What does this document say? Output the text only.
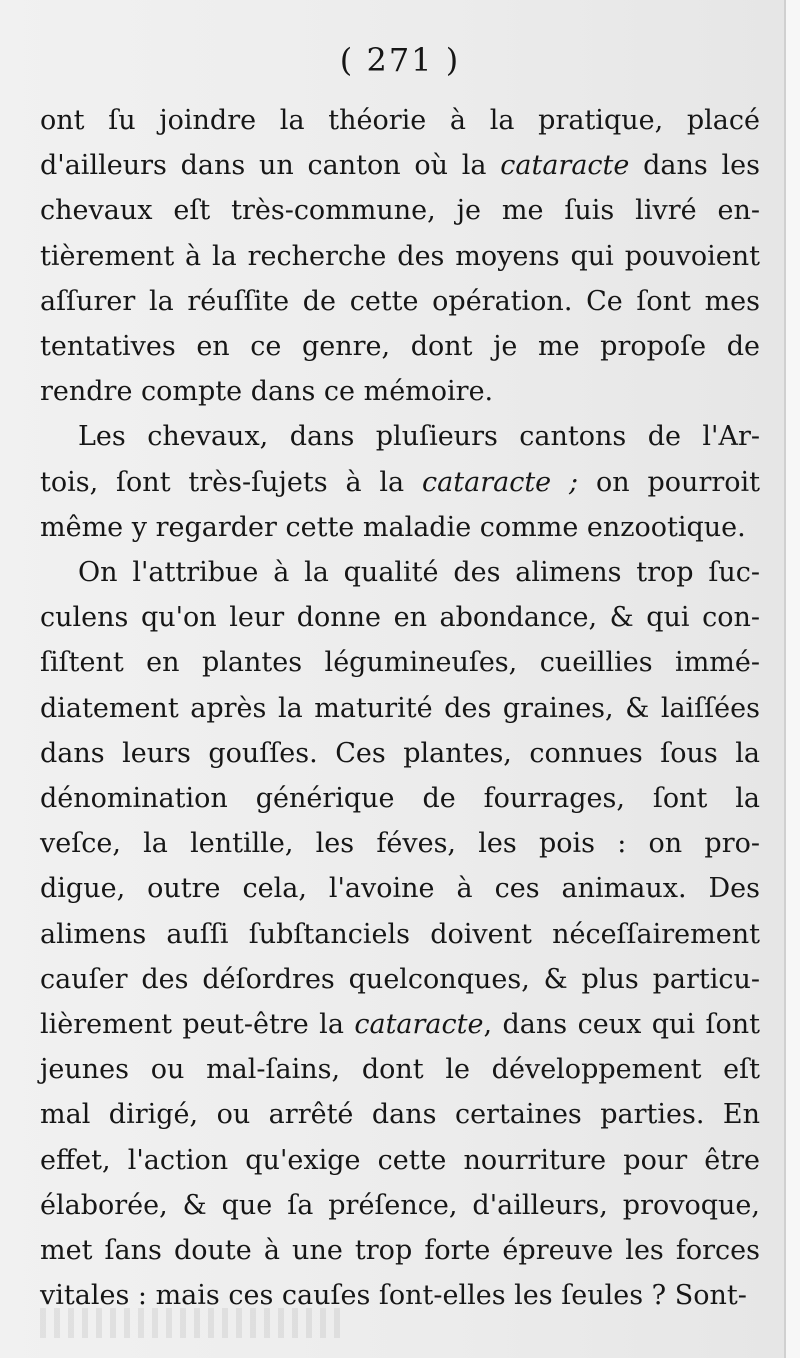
( 271 )
ont ſu joindre la théorie à la pratique, placé
d'ailleurs dans un canton où la cataracte dans les
chevaux eſt très-commune, je me ſuis livré en-
tièrement à la recherche des moyens qui pouvoient
aſſurer la réuſſite de cette opération. Ce ſont mes
tentatives en ce genre, dont je me propoſe de
rendre compte dans ce mémoire.
Les chevaux, dans pluſieurs cantons de l'Ar-
tois, ſont très-ſujets à la cataracte ; on pourroit
même y regarder cette maladie comme enzootique.
On l'attribue à la qualité des alimens trop ſuc-
culens qu'on leur donne en abondance, & qui con-
ſiſtent en plantes légumineuſes, cueillies immé-
diatement après la maturité des graines, & laiſſées
dans leurs gouſſes. Ces plantes, connues ſous la
dénomination générique de fourrages, ſont la
veſce, la lentille, les féves, les pois : on pro-
digue, outre cela, l'avoine à ces animaux. Des
alimens auſſi ſubſtanciels doivent néceſſairement
cauſer des déſordres quelconques, & plus particu-
lièrement peut-être la cataracte, dans ceux qui ſont
jeunes ou mal-ſains, dont le développement eſt
mal dirigé, ou arrêté dans certaines parties. En
effet, l'action qu'exige cette nourriture pour être
élaborée, & que ſa préſence, d'ailleurs, provoque,
met ſans doute à une trop forte épreuve les forces
vitales : mais ces cauſes ſont-elles les ſeules ? Sont-
